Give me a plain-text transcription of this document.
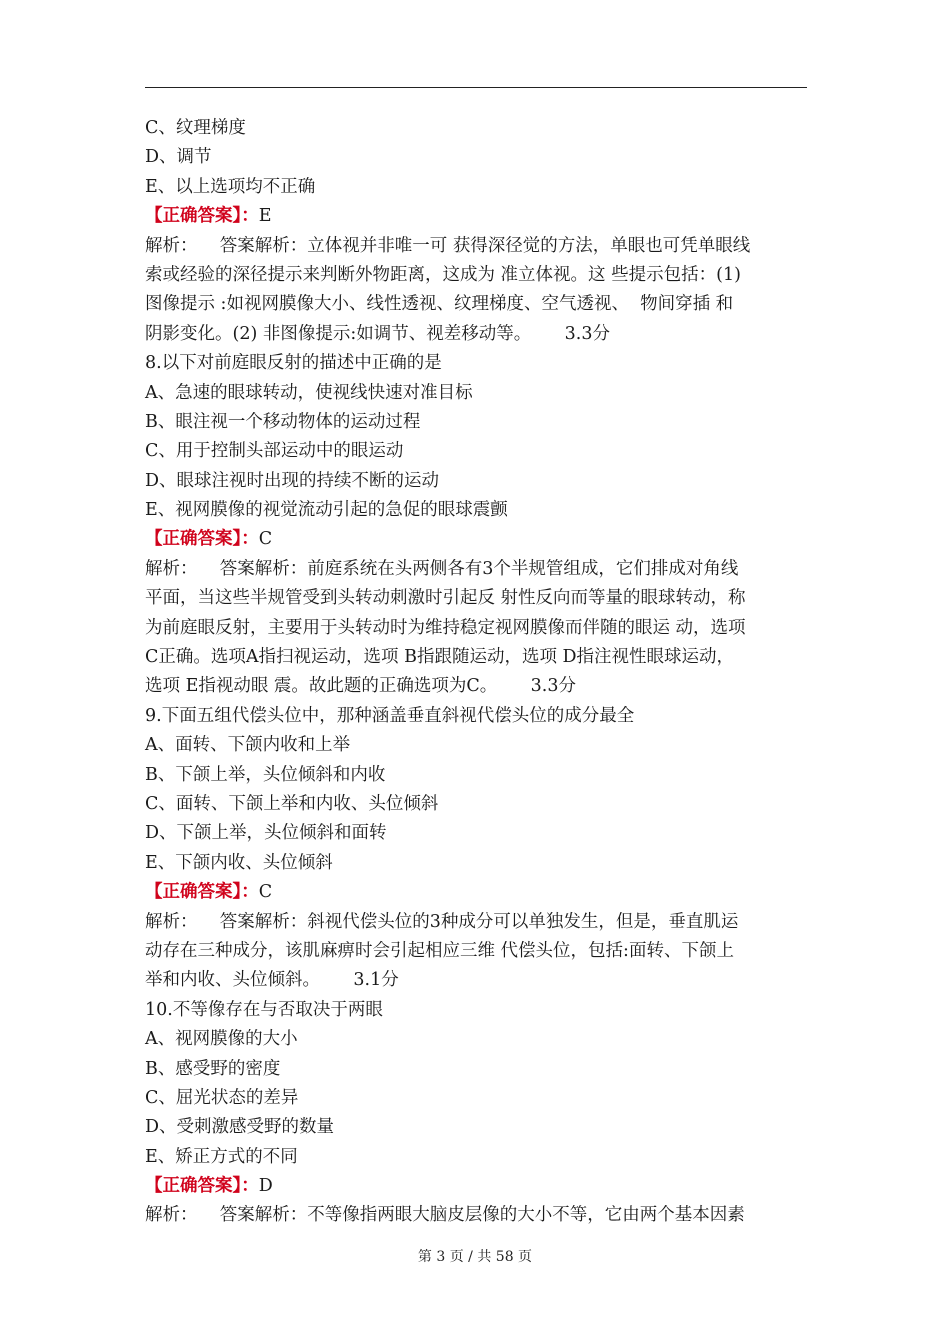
C、纹理梯度
D、调节
E、以上选项均不正确
【正确答案】：E
解析：    答案解析：立体视并非唯一可 获得深径觉的方法，单眼也可凭单眼线
索或经验的深径提示来判断外物距离，这成为 准立体视。这 些提示包括：(1)
图像提示 :如视网膜像大小、线性透视、纹理梯度、空气透视、  物间穿插 和
阴影变化。(2) 非图像提示:如调节、视差移动等。      3.3分
8.以下对前庭眼反射的描述中正确的是
A、急速的眼球转动，使视线快速对准目标
B、眼注视一个移动物体的运动过程
C、用于控制头部运动中的眼运动
D、眼球注视时出现的持续不断的运动
E、视网膜像的视觉流动引起的急促的眼球震颤
【正确答案】：C
解析：    答案解析：前庭系统在头两侧各有3个半规管组成，它们排成对角线
平面，当这些半规管受到头转动刺激时引起反 射性反向而等量的眼球转动，称
为前庭眼反射，主要用于头转动时为维持稳定视网膜像而伴随的眼运 动，选项
C正确。选项A指扫视运动，选项 B指跟随运动，选项 D指注视性眼球运动，
选项 E指视动眼 震。故此题的正确选项为C。      3.3分
9.下面五组代偿头位中，那种涵盖垂直斜视代偿头位的成分最全
A、面转、下颌内收和上举
B、下颌上举，头位倾斜和内收
C、面转、下颌上举和内收、头位倾斜
D、下颌上举，头位倾斜和面转
E、下颌内收、头位倾斜
【正确答案】：C
解析：    答案解析：斜视代偿头位的3种成分可以单独发生，但是，垂直肌运
动存在三种成分，该肌麻痹时会引起相应三维 代偿头位，包括:面转、下颌上
举和内收、头位倾斜。      3.1分
10.不等像存在与否取决于两眼
A、视网膜像的大小
B、感受野的密度
C、屈光状态的差异
D、受刺激感受野的数量
E、矫正方式的不同
【正确答案】：D
解析：    答案解析：不等像指两眼大脑皮层像的大小不等，它由两个基本因素
第 3 页 / 共 58 页
